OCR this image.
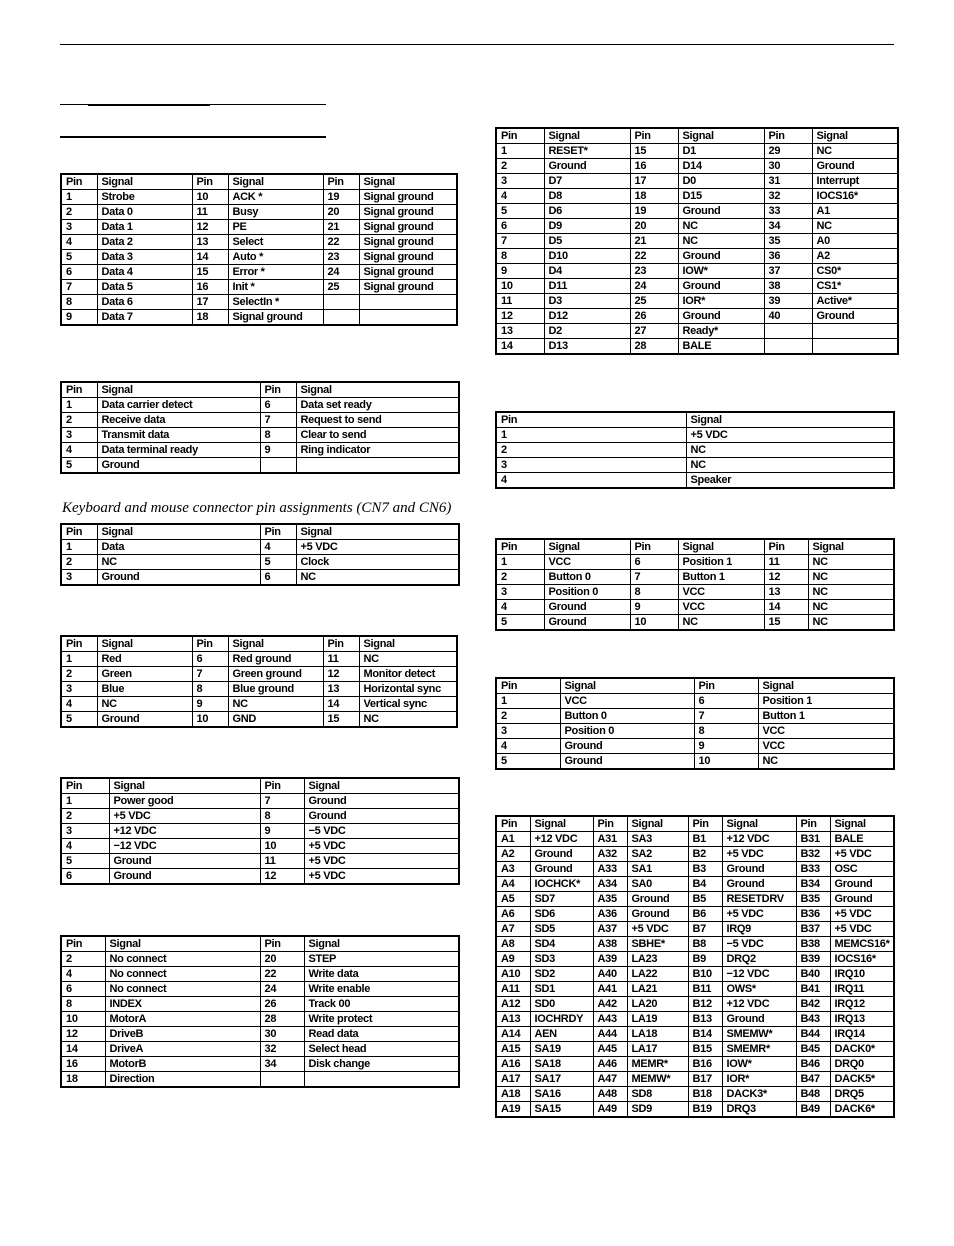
Keyboard and mouse connector pin assignments (CN7 and CN6)
Pin	Signal	Pin	Signal	Pin	Signal
1	Strobe	10	ACK *	19	Signal ground
2	Data 0	11	Busy	20	Signal ground
3	Data 1	12	PE	21	Signal ground
4	Data 2	13	Select	22	Signal ground
5	Data 3	14	Auto *	23	Signal ground
6	Data 4	15	Error *	24	Signal ground
7	Data 5	16	Init *	25	Signal ground
8	Data 6	17	SelectIn *		
9	Data 7	18	Signal ground		
Pin	Signal	Pin	Signal
1	Data carrier detect	6	Data set ready
2	Receive data	7	Request to send
3	Transmit data	8	Clear to send
4	Data terminal ready	9	Ring indicator
5	Ground		
Pin	Signal	Pin	Signal
1	Data	4	+5 VDC
2	NC	5	Clock
3	Ground	6	NC
Pin	Signal	Pin	Signal	Pin	Signal
1	Red	6	Red ground	11	NC
2	Green	7	Green ground	12	Monitor detect
3	Blue	8	Blue ground	13	Horizontal sync
4	NC	9	NC	14	Vertical sync
5	Ground	10	GND	15	NC
Pin	Signal	Pin	Signal
1	Power good	7	Ground
2	+5 VDC	8	Ground
3	+12 VDC	9	−5 VDC
4	−12 VDC	10	+5 VDC
5	Ground	11	+5 VDC
6	Ground	12	+5 VDC
Pin	Signal	Pin	Signal
2	No connect	20	STEP
4	No connect	22	Write data
6	No connect	24	Write enable
8	INDEX	26	Track 00
10	MotorA	28	Write protect
12	DriveB	30	Read data
14	DriveA	32	Select head
16	MotorB	34	Disk change
18	Direction		
Pin	Signal	Pin	Signal	Pin	Signal
1	RESET*	15	D1	29	NC
2	Ground	16	D14	30	Ground
3	D7	17	D0	31	Interrupt
4	D8	18	D15	32	IOCS16*
5	D6	19	Ground	33	A1
6	D9	20	NC	34	NC
7	D5	21	NC	35	A0
8	D10	22	Ground	36	A2
9	D4	23	IOW*	37	CS0*
10	D11	24	Ground	38	CS1*
11	D3	25	IOR*	39	Active*
12	D12	26	Ground	40	Ground
13	D2	27	Ready*		
14	D13	28	BALE		
Pin	Signal
1	+5 VDC
2	NC
3	NC
4	Speaker
Pin	Signal	Pin	Signal	Pin	Signal
1	VCC	6	Position 1	11	NC
2	Button 0	7	Button 1	12	NC
3	Position 0	8	VCC	13	NC
4	Ground	9	VCC	14	NC
5	Ground	10	NC	15	NC
Pin	Signal	Pin	Signal
1	VCC	6	Position 1
2	Button 0	7	Button 1
3	Position 0	8	VCC
4	Ground	9	VCC
5	Ground	10	NC
Pin	Signal	Pin	Signal	Pin	Signal	Pin	Signal
A1	+12 VDC	A31	SA3	B1	+12 VDC	B31	BALE
A2	Ground	A32	SA2	B2	+5 VDC	B32	+5 VDC
A3	Ground	A33	SA1	B3	Ground	B33	OSC
A4	IOCHCK*	A34	SA0	B4	Ground	B34	Ground
A5	SD7	A35	Ground	B5	RESETDRV	B35	Ground
A6	SD6	A36	Ground	B6	+5 VDC	B36	+5 VDC
A7	SD5	A37	+5 VDC	B7	IRQ9	B37	+5 VDC
A8	SD4	A38	SBHE*	B8	−5 VDC	B38	MEMCS16*
A9	SD3	A39	LA23	B9	DRQ2	B39	IOCS16*
A10	SD2	A40	LA22	B10	−12 VDC	B40	IRQ10
A11	SD1	A41	LA21	B11	OWS*	B41	IRQ11
A12	SD0	A42	LA20	B12	+12 VDC	B42	IRQ12
A13	IOCHRDY	A43	LA19	B13	Ground	B43	IRQ13
A14	AEN	A44	LA18	B14	SMEMW*	B44	IRQ14
A15	SA19	A45	LA17	B15	SMEMR*	B45	DACK0*
A16	SA18	A46	MEMR*	B16	IOW*	B46	DRQ0
A17	SA17	A47	MEMW*	B17	IOR*	B47	DACK5*
A18	SA16	A48	SD8	B18	DACK3*	B48	DRQ5
A19	SA15	A49	SD9	B19	DRQ3	B49	DACK6*
